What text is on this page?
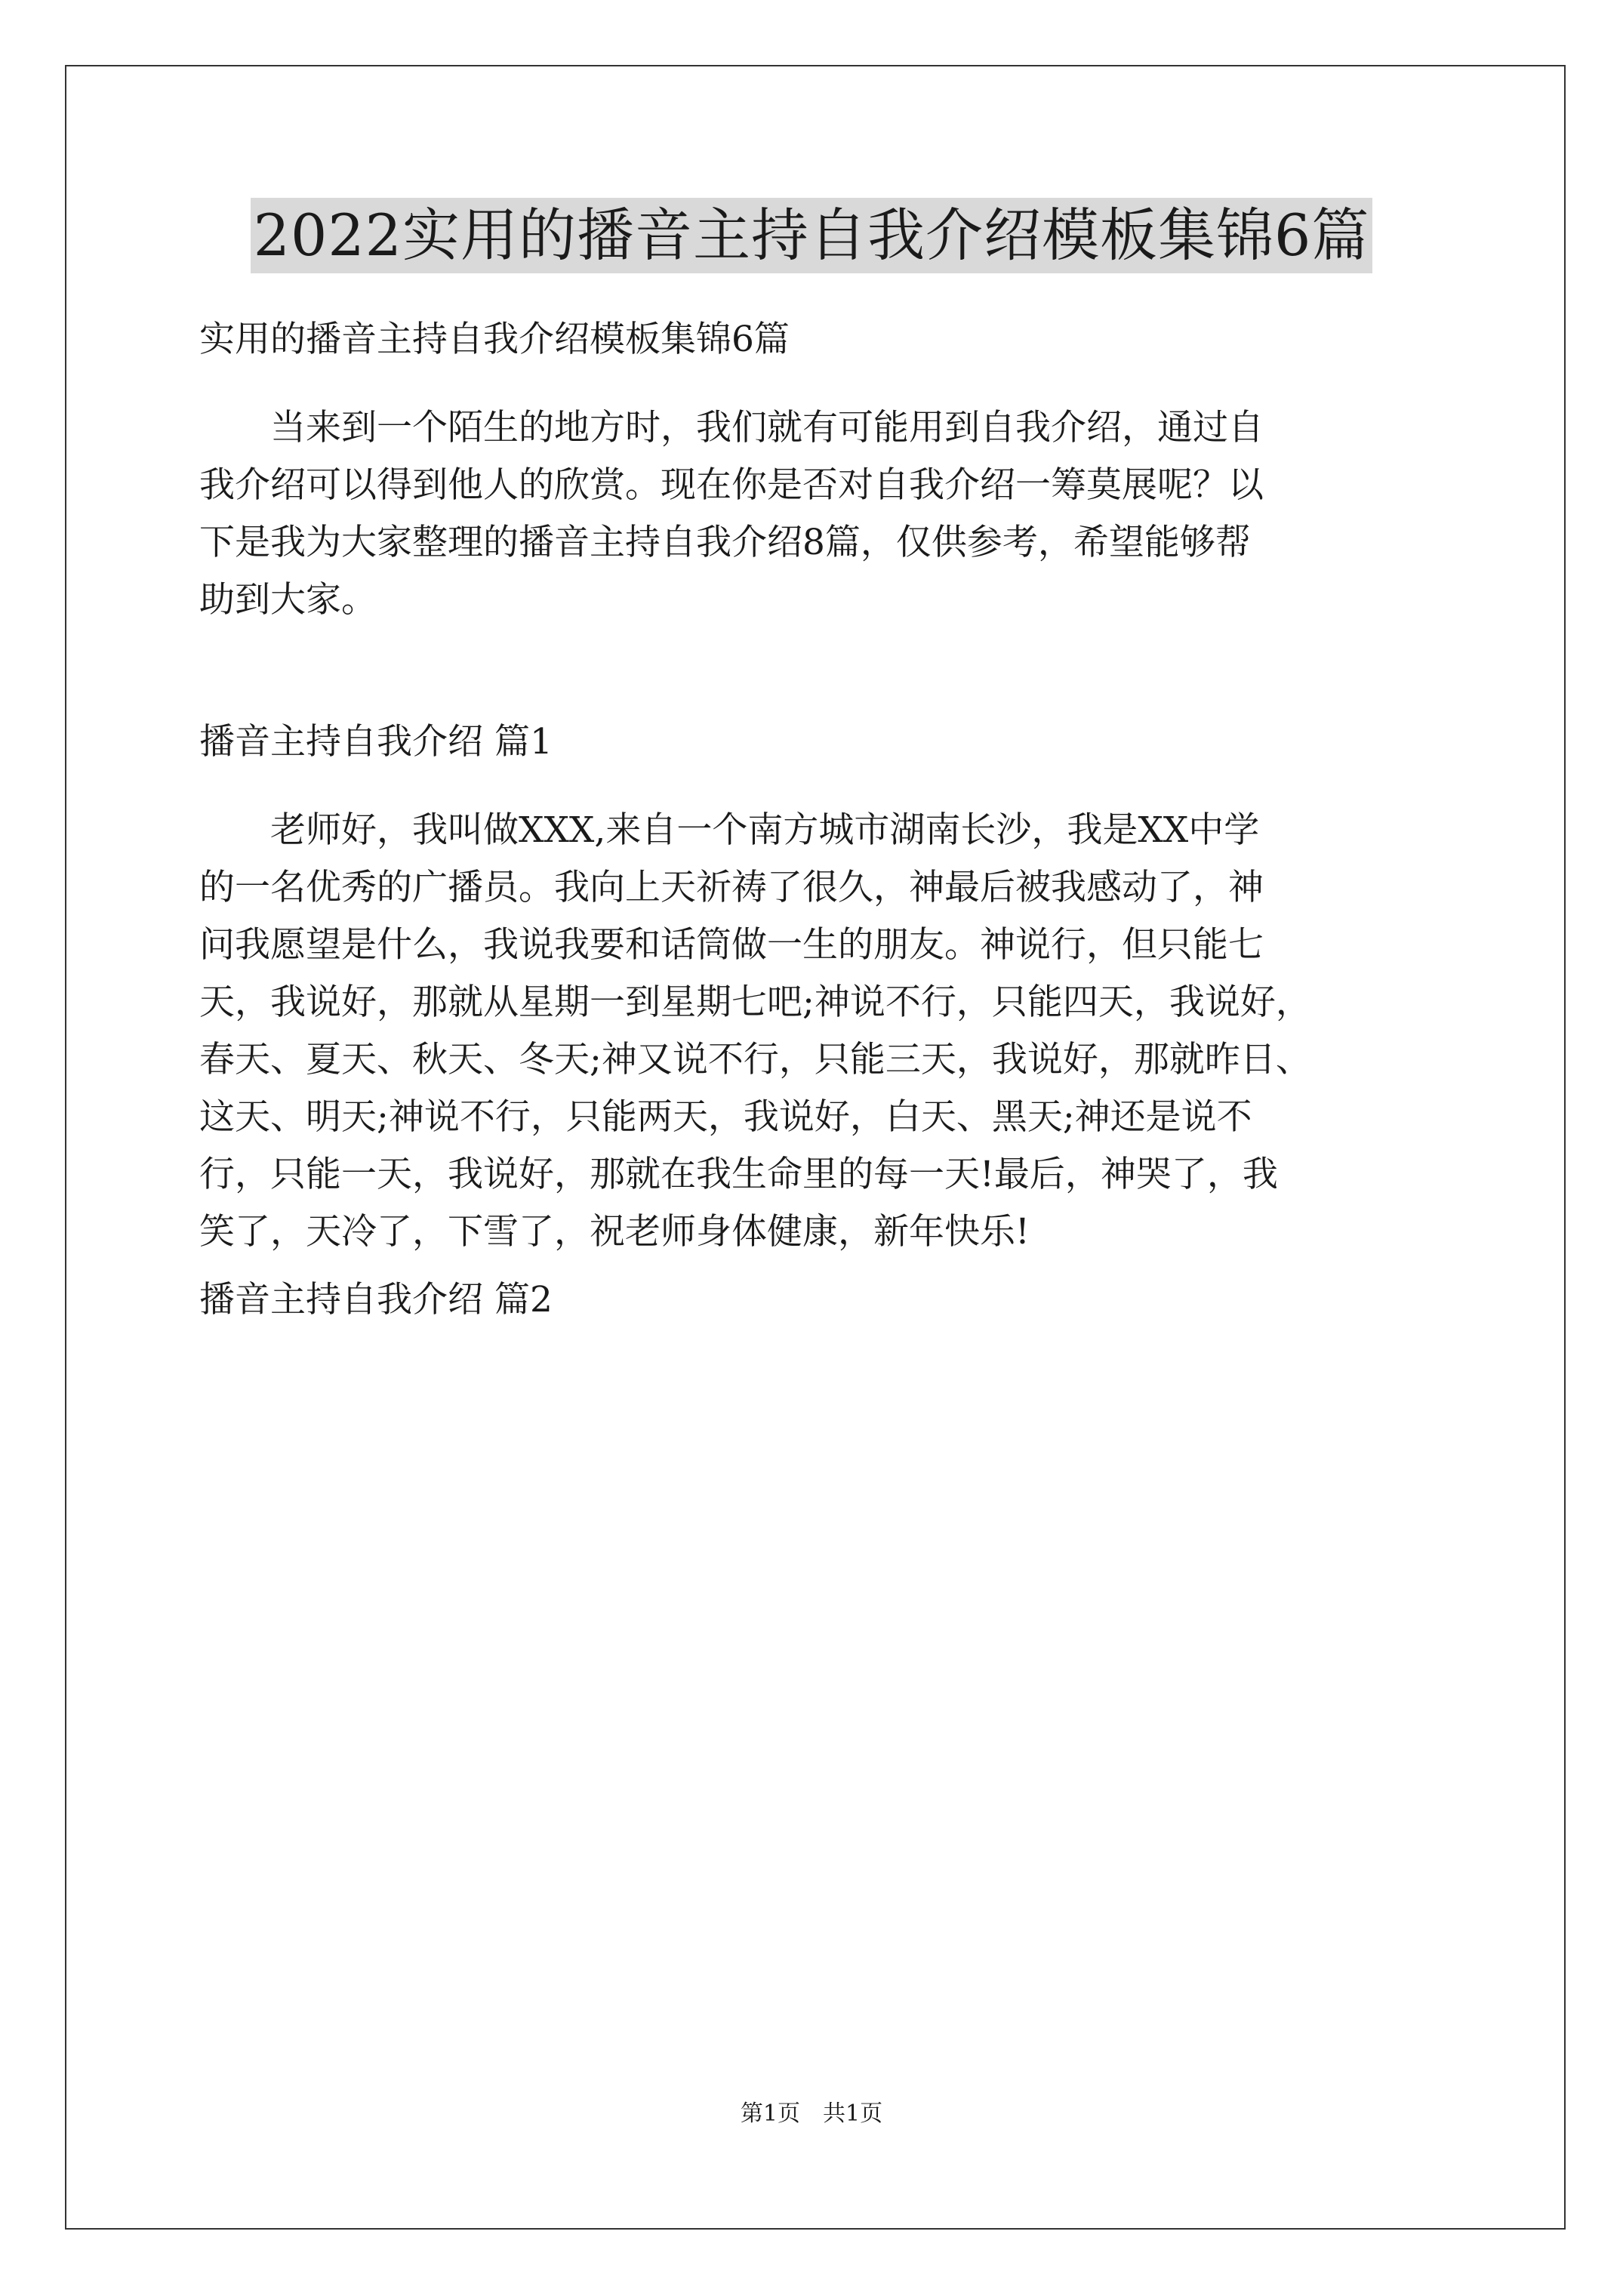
2022实用的播音主持自我介绍模板集锦6篇

实用的播音主持自我介绍模板集锦6篇

　　当来到一个陌生的地方时，我们就有可能用到自我介绍，通过自

我介绍可以得到他人的欣赏。现在你是否对自我介绍一筹莫展呢？以

下是我为大家整理的播音主持自我介绍8篇，仅供参考，希望能够帮

助到大家。

播音主持自我介绍 篇1

　　老师好，我叫做XXX,来自一个南方城市湖南长沙，我是XX中学

的一名优秀的广播员。我向上天祈祷了很久，神最后被我感动了，神

问我愿望是什么，我说我要和话筒做一生的朋友。神说行，但只能七

天，我说好，那就从星期一到星期七吧;神说不行，只能四天，我说好，

春天、夏天、秋天、冬天;神又说不行，只能三天，我说好，那就昨日、

这天、明天;神说不行，只能两天，我说好，白天、黑天;神还是说不

行，只能一天，我说好，那就在我生命里的每一天!最后，神哭了，我

笑了，天冷了，下雪了，祝老师身体健康，新年快乐!

播音主持自我介绍 篇2

第1页　共1页
